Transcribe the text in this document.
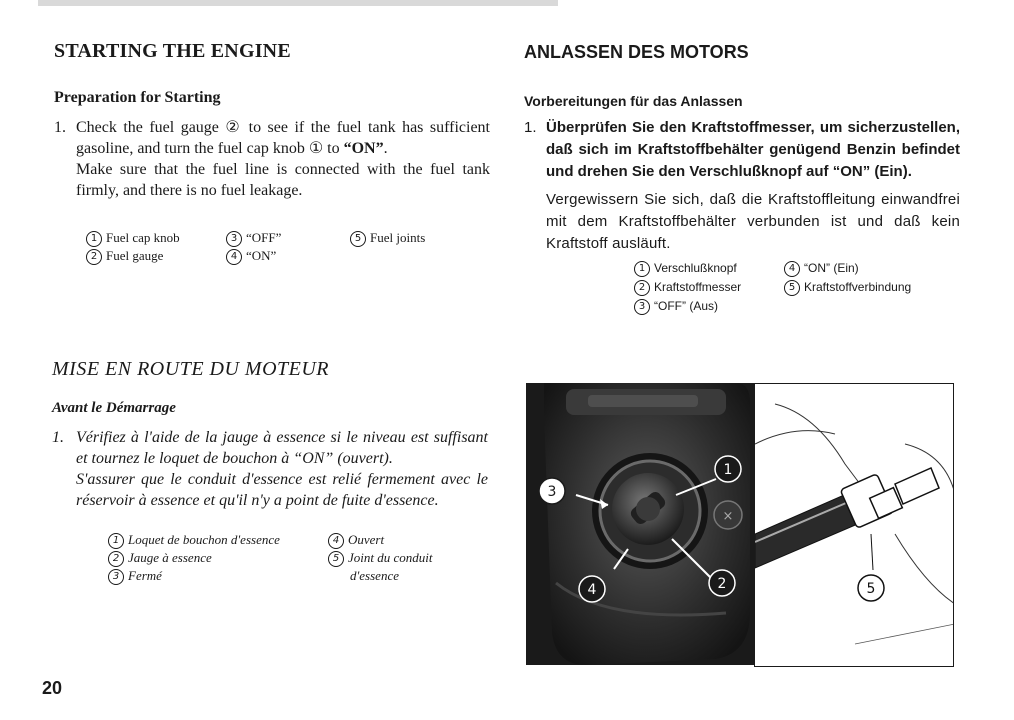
STARTING THE ENGINE
Preparation for Starting
1. Check the fuel gauge ② to see if the fuel tank has sufficient gasoline, and turn the fuel cap knob ① to “ON”.
Make sure that the fuel line is connected with the fuel tank firmly, and there is no fuel leakage.
1 Fuel cap knob	3 “OFF”	5 Fuel joints
2 Fuel gauge	4 “ON”
MISE EN ROUTE DU MOTEUR
Avant le Démarrage
1. Vérifiez à l'aide de la jauge à essence si le niveau est suffisant et tournez le loquet de bouchon à “ON” (ouvert).
S'assurer que le conduit d'essence est relié fermement avec le réservoir à essence et qu'il n'y a point de fuite d'essence.
1 Loquet de bouchon d'essence	4 Ouvert
2 Jauge à essence	5 Joint du conduit
3 Fermé	d'essence
20
ANLASSEN DES MOTORS
Vorbereitungen für das Anlassen
1. Überprüfen Sie den Kraftstoffmesser, um sicherzustellen, daß sich im Kraftstoffbehälter genügend Benzin befindet und drehen Sie den Verschlußknopf auf “ON” (Ein).
Vergewissern Sie sich, daß die Kraftstoffleitung einwandfrei mit dem Kraftstoffbehälter verbunden ist und daß kein Kraftstoff ausläuft.
1 Verschlußknopf	4 “ON” (Ein)
2 Kraftstoffmesser	5 Kraftstoffverbindung
3 “OFF” (Aus)
×
1
2
3
4	5
